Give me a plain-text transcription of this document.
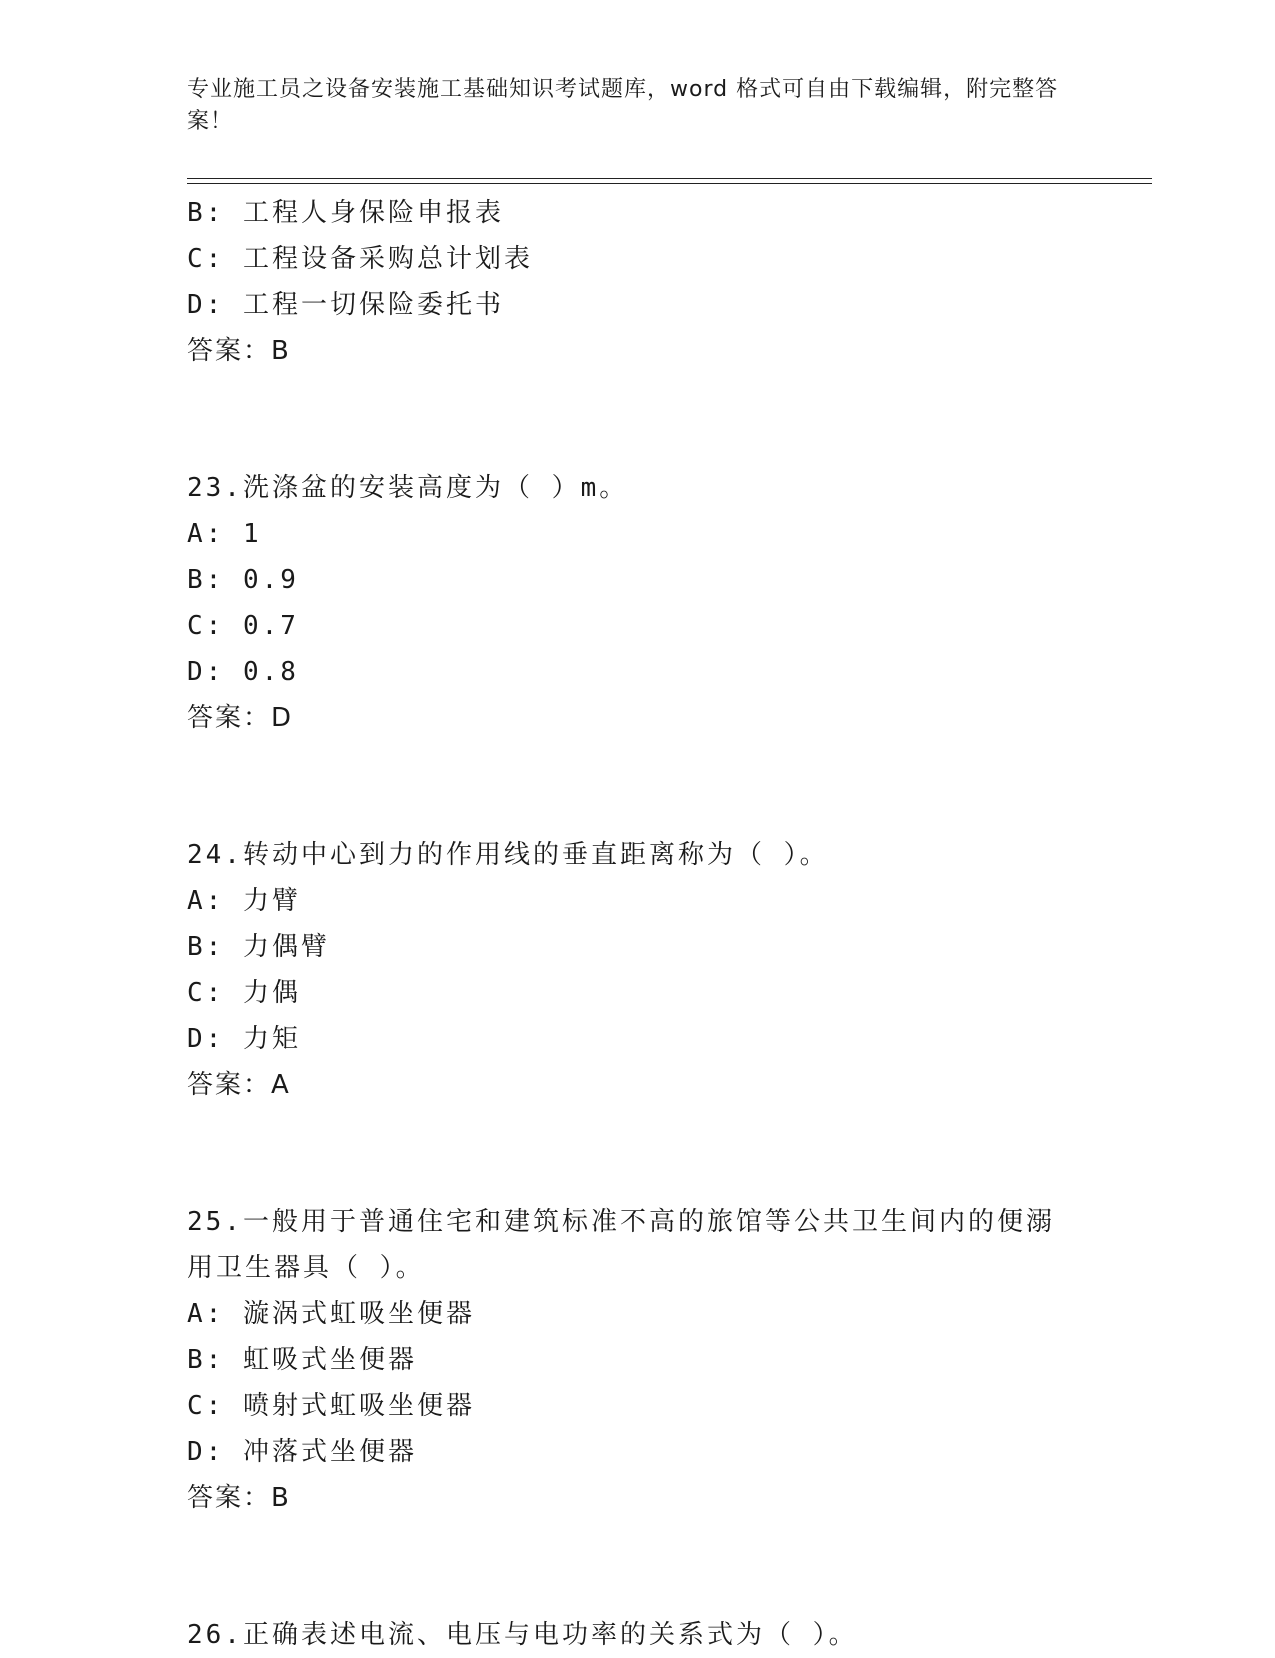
专业施工员之设备安装施工基础知识考试题库，word 格式可自由下载编辑，附完整答案！
B: 工程人身保险申报表
C: 工程设备采购总计划表
D: 工程一切保险委托书
答案：B
23.洗涤盆的安装高度为（ ）m。
A: 1
B: 0.9
C: 0.7
D: 0.8
答案：D
24.转动中心到力的作用线的垂直距离称为（ ）。
A: 力臂
B: 力偶臂
C: 力偶
D: 力矩
答案：A
25.一般用于普通住宅和建筑标准不高的旅馆等公共卫生间内的便溺用卫生器具（ ）。
A: 漩涡式虹吸坐便器
B: 虹吸式坐便器
C: 喷射式虹吸坐便器
D: 冲落式坐便器
答案：B
26.正确表述电流、电压与电功率的关系式为（ ）。
